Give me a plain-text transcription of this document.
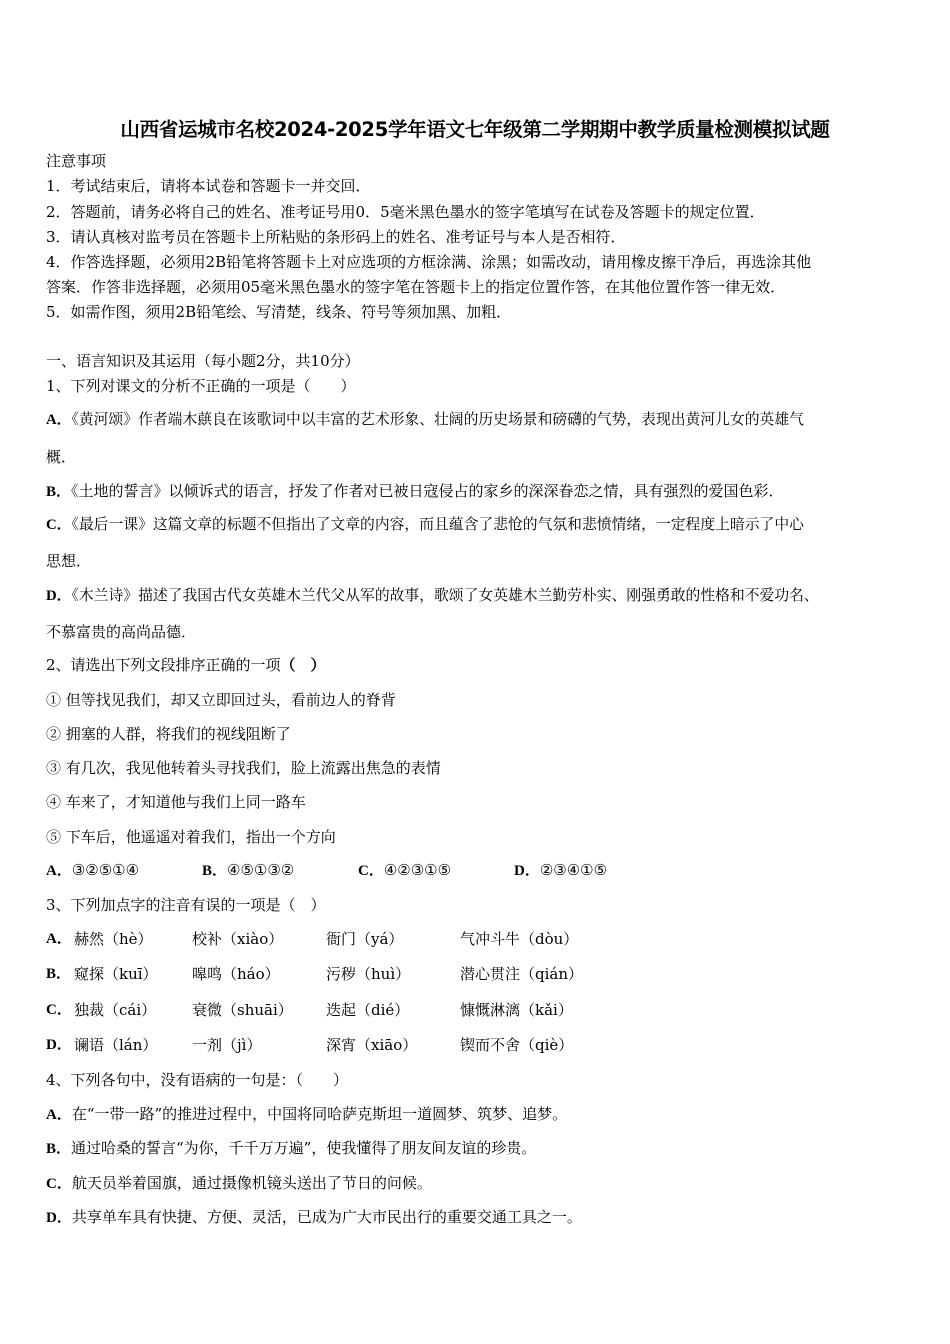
山西省运城市名校2024-2025学年语文七年级第二学期期中教学质量检测模拟试题
注意事项
1．考试结束后，请将本试卷和答题卡一并交回．
2．答题前，请务必将自己的姓名、准考证号用0．5毫米黑色墨水的签字笔填写在试卷及答题卡的规定位置．
3．请认真核对监考员在答题卡上所粘贴的条形码上的姓名、准考证号与本人是否相符．
4．作答选择题，必须用2B铅笔将答题卡上对应选项的方框涂满、涂黑；如需改动，请用橡皮擦干净后，再选涂其他
答案．作答非选择题，必须用05毫米黑色墨水的签字笔在答题卡上的指定位置作答，在其他位置作答一律无效．
5．如需作图，须用2B铅笔绘、写清楚，线条、符号等须加黑、加粗．
一、语言知识及其运用（每小题2分，共10分）
1、下列对课文的分析不正确的一项是（　　）
A．《黄河颂》作者端木蕻良在该歌词中以丰富的艺术形象、壮阔的历史场景和磅礴的气势，表现出黄河儿女的英雄气
概．
B．《土地的誓言》以倾诉式的语言，抒发了作者对已被日寇侵占的家乡的深深眷恋之情，具有强烈的爱国色彩．
C．《最后一课》这篇文章的标题不但指出了文章的内容，而且蕴含了悲怆的气氛和悲愤情绪，一定程度上暗示了中心
思想．
D．《木兰诗》描述了我国古代女英雄木兰代父从军的故事，歌颂了女英雄木兰勤劳朴实、刚强勇敢的性格和不爱功名、
不慕富贵的高尚品德．
2、请选出下列文段排序正确的一项（　）
① 但等找见我们，却又立即回过头，看前边人的脊背
② 拥塞的人群，将我们的视线阻断了
③ 有几次，我见他转着头寻找我们，脸上流露出焦急的表情
④ 车来了，才知道他与我们上同一路车
⑤ 下车后，他遥遥对着我们，指出一个方向
A．③②⑤①④	B．④⑤①③②	C．④②③①⑤	D．②③④①⑤
3、下列加点字的注音有误的一项是（　）
A． 赫然（hè）	校补（xiào）	衙门（yá）	气冲斗牛（dòu）
B． 窥探（kuī） 嗥鸣（háo）	污秽（huì）	潜心贯注（qián）
C． 独裁（cái） 衰微（shuāi） 迭起（dié）	慷慨淋漓（kǎi）
D． 谰语（lán） 一剂（jì）	深宵（xiāo）	锲而不舍（qiè）
4、下列各句中，没有语病的一句是：（　　）
A．在“一带一路”的推进过程中，中国将同哈萨克斯坦一道圆梦、筑梦、追梦。
B．通过哈桑的誓言“为你，千千万万遍”，使我懂得了朋友间友谊的珍贵。
C．航天员举着国旗，通过摄像机镜头送出了节日的问候。
D．共享单车具有快捷、方便、灵活，已成为广大市民出行的重要交通工具之一。
